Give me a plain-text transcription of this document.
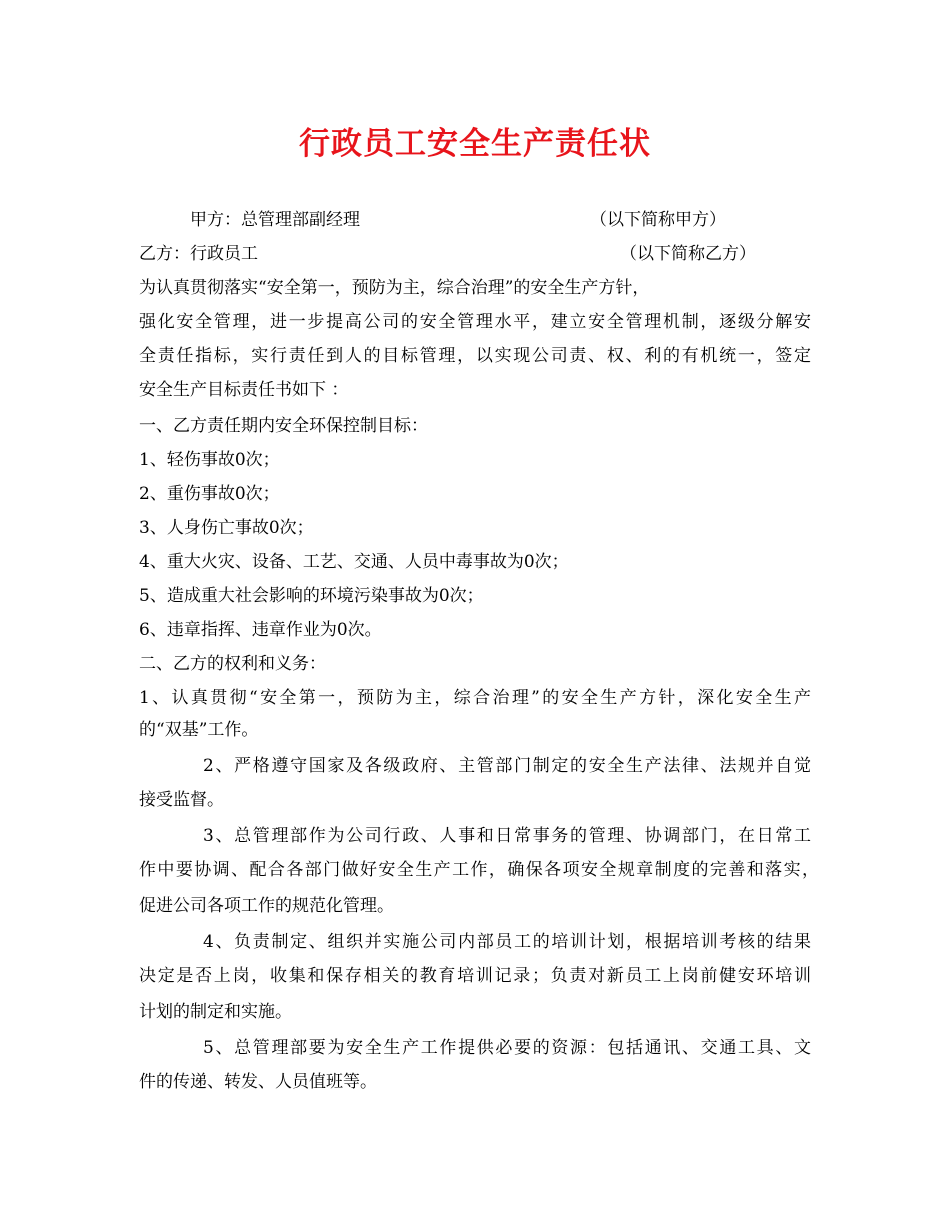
行政员工安全生产责任状
甲方：总管理部副经理	（以下简称甲方）
乙方：行政员工	（以下简称乙方）
为认真贯彻落实“安全第一，预防为主，综合治理”的安全生产方针，
强化安全管理，进一步提高公司的安全管理水平，建立安全管理机制，逐级分解安
全责任指标，实行责任到人的目标管理，以实现公司责、权、利的有机统一，签定
安全生产目标责任书如下 ：
一、乙方责任期内安全环保控制目标：
1、轻伤事故0次；
2、重伤事故0次；
3、人身伤亡事故0次；
4、重大火灾、设备、工艺、交通、人员中毒事故为0次；
5、造成重大社会影响的环境污染事故为0次；
6、违章指挥、违章作业为0次。
二、乙方的权利和义务：
1、认真贯彻“安全第一，预防为主，综合治理”的安全生产方针，深化安全生产
的“双基”工作。
2、严格遵守国家及各级政府、主管部门制定的安全生产法律、法规并自觉
接受监督。
3、总管理部作为公司行政、人事和日常事务的管理、协调部门，在日常工
作中要协调、配合各部门做好安全生产工作，确保各项安全规章制度的完善和落实，
促进公司各项工作的规范化管理。
4、负责制定、组织并实施公司内部员工的培训计划，根据培训考核的结果
决定是否上岗，收集和保存相关的教育培训记录；负责对新员工上岗前健安环培训
计划的制定和实施。
5、总管理部要为安全生产工作提供必要的资源：包括通讯、交通工具、文
件的传递、转发、人员值班等。
